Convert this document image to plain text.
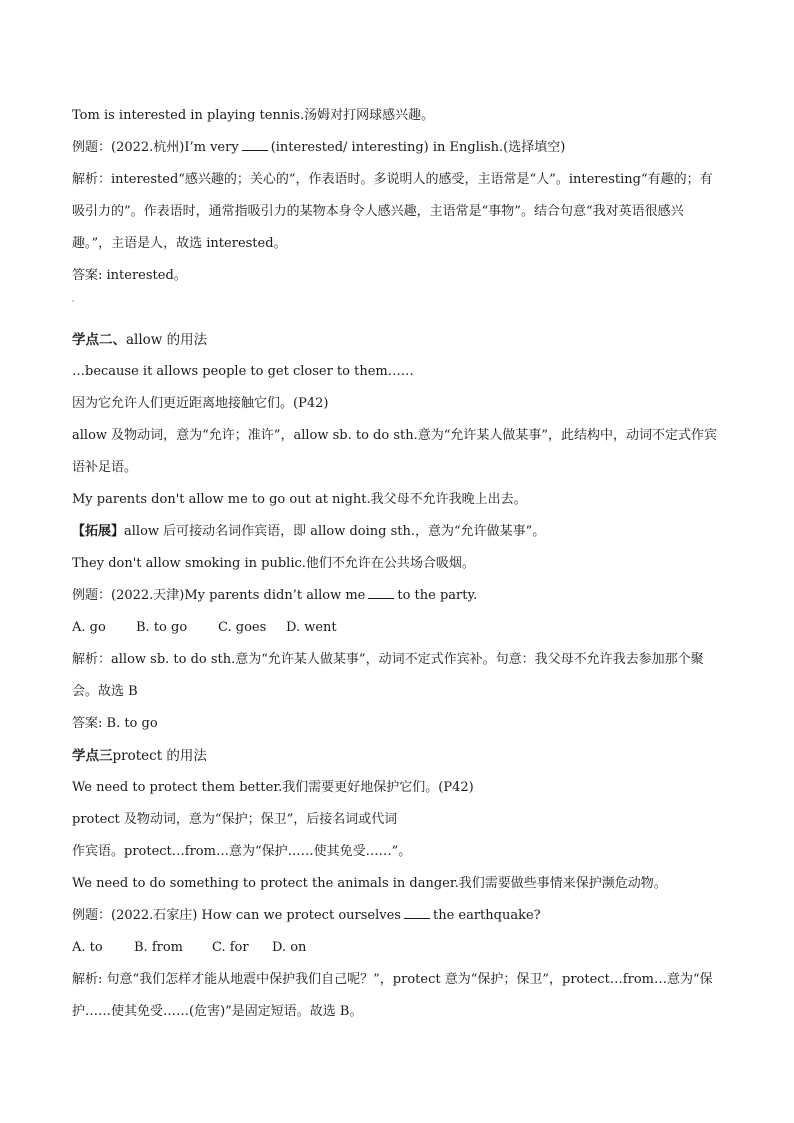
Tom is interested in playing tennis.汤姆对打网球感兴趣。
例题：(2022.杭州)I’m very (interested/ interesting) in English.(选择填空)
解析：interested“感兴趣的；关心的”，作表语时。多说明人的感受，主语常是“人”。interesting“有趣的；有吸引力的”。作表语时，通常指吸引力的某物本身令人感兴趣，主语常是“事物”。结合句意“我对英语很感兴趣。”，主语是人，故选 interested。
答案: interested。
学点二、allow 的用法
…because it allows people to get closer to them……
因为它允许人们更近距离地接触它们。(P42)
allow 及物动词，意为“允许；准许”，allow sb. to do sth.意为“允许某人做某事”，此结构中，动词不定式作宾语补足语。
My parents don't allow me to go out at night.我父母不允许我晚上出去。
【拓展】allow 后可接动名词作宾语，即 allow doing sth.，意为“允许做某事”。
They don't allow smoking in public.他们不允许在公共场合吸烟。
例题：(2022.天津)My parents didn’t allow me to the party.
A. go	B. to go	C. goes	D. went
解析：allow sb. to do sth.意为“允许某人做某事”，动词不定式作宾补。句意：我父母不允许我去参加那个聚会。故选 B
答案: B. to go
学点三protect 的用法
We need to protect them better.我们需要更好地保护它们。(P42)
protect 及物动词，意为“保护；保卫”，后接名词或代词
作宾语。protect…from…意为“保护……使其免受……”。
We need to do something to protect the animals in danger.我们需要做些事情来保护濒危动物。
例题：(2022.石家庄) How can we protect ourselves the earthquake?
A. to	B. from	C. for	D. on
解析: 句意“我们怎样才能从地震中保护我们自己呢？”，protect 意为“保护；保卫”，protect…from…意为“保护……使其免受……(危害)”是固定短语。故选 B。
